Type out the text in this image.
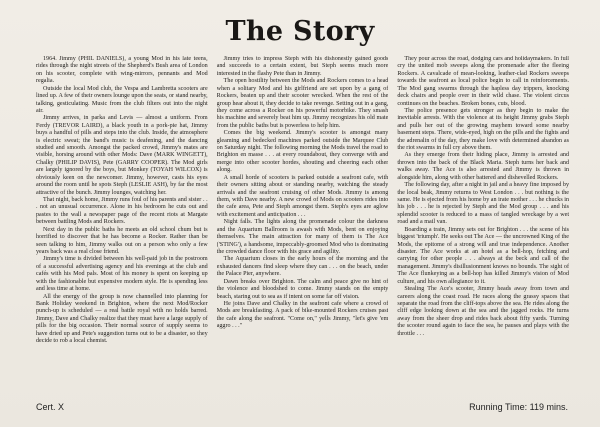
The Story

1964. Jimmy (PHIL DANIELS), a young Mod in his late teens, rides through the night streets of the Shepherd's Bush area of London on his scooter, complete with wing-mirrors, pennants and Mod regalia.

Outside the local Mod club, the Vespa and Lambretta scooters are lined up. A few of their owners lounge upon the seats, or stand nearby, talking, gesticulating. Music from the club filters out into the night air.

Jimmy arrives, in parka and Levis — almost a uniform. From Ferdy (TREVOR LAIRD), a black youth in a pork-pie hat, Jimmy buys a handful of pills and steps into the club. Inside, the atmosphere is electric sweat; the band's music is deafening, and the dancing studied and smooth. Amongst the packed crowd, Jimmy's mates are visible, horsing around with other Mods: Dave (MARK WINGETT), Chalky (PHILIP DAVIS), Pete (GARRY COOPER). The Mod girls are largely ignored by the boys, but Monkey (TOYAH WILCOX) is obviously keen on the newcomer. Jimmy, however, casts his eyes around the room until he spots Steph (LESLIE ASH), by far the most attractive of the bunch. Jimmy lounges, watching her.

That night, back home, Jimmy runs foul of his parents and sister . . . not an unusual occurrence. Alone in his bedroom he cuts out and pastes to the wall a newspaper page of the recent riots at Margate between battling Mods and Rockers.

Next day in the public baths he meets an old school chum but is horrified to discover that he has become a Rocker. Rather than be seen talking to him, Jimmy walks out on a person who only a few years back was a real close friend.

Jimmy's time is divided between his well-paid job in the postroom of a successful advertising agency and his evenings at the club and cafés with his Mod pals. Most of his money is spent on keeping up with the fashionable but expensive modern style. He is spending less and less time at home.

All the energy of the group is now channelled into planning for Bank Holiday weekend in Brighton, where the next Mod/Rocker punch-up is scheduled — a real battle royal with no holds barred. Jimmy, Dave and Chalky realize that they must have a large supply of pills for the big occasion. Their normal source of supply seems to have dried up and Pete's suggestion turns out to be a disaster, so they decide to rob a local chemist.

Jimmy tries to impress Steph with his dishonestly gained goods and succeeds to a certain extent, but Steph seems much more interested in the flashy Pete than in Jimmy.

The open hostility between the Mods and Rockers comes to a head when a solitary Mod and his girlfriend are set upon by a gang of Rockers, beaten up and their scooter wrecked. When the rest of the group hear about it, they decide to take revenge. Setting out in a gang, they come across a Rocker on his powerful motorbike. They smash his machine and severely beat him up. Jimmy recognizes his old mate from the public baths but is powerless to help him.

Comes the big weekend. Jimmy's scooter is amongst many gleaming and bedecked machines parked outside the Marquee Club on Saturday night. The following morning the Mods travel the road to Brighton en masse . . . at every roundabout, they converge with and merge into other scooter hordes, shouting and cheering each other along.

A small horde of scooters is parked outside a seafront cafe, with their owners sitting about or standing nearby, watching the steady arrivals and the seafront cruising of other Mods. Jimmy is among them, with Dave nearby. A new crowd of Mods on scooters rides into the cafe area, Pete and Steph amongst them. Steph's eyes are aglow with excitement and anticipation . . .

Night falls. The lights along the promenade colour the darkness and the Aquarium Ballroom is awash with Mods, bent on enjoying themselves. The main attraction for many of them is The Ace ('STING'), a handsome, impeccably-groomed Mod who is dominating the crowded dance floor with his grace and agility.

The Aquarium closes in the early hours of the morning and the exhausted dancers find sleep where they can . . . on the beach, under the Palace Pier, anywhere.

Dawn breaks over Brighton. The calm and peace give no hint of the violence and bloodshed to come. Jimmy stands on the empty beach, staring out to sea as if intent on some far off vision.

He joins Dave and Chalky in the seafront cafe where a crowd of Mods are breakfasting. A pack of bike-mounted Rockers cruises past the cafe along the seafront. "Come on," yells Jimmy, "let's give 'em aggro . . ."

They pour across the road, dodging cars and holidaymakers. In full cry the united mob sweeps along the promenade after the fleeing Rockers. A cavalcade of mean-looking, leather-clad Rockers sweeps towards the seafront as local police begin to call in reinforcements. The Mod gang swarms through the hapless day trippers, knocking deck chairs and people over in their wild chase. The violent circus continues on the beaches. Broken bones, cuts, blood.

The police presence gets stronger as they begin to make the inevitable arrests. With the violence at its height Jimmy grabs Steph and pulls her out of the growing mayhem toward some nearby basement steps. There, wide-eyed, high on the pills and the fights and the adrenalin of the day, they make love with determined abandon as the riot swarms in full cry above them.

As they emerge from their hiding place, Jimmy is arrested and thrown into the back of the Black Maria. Steph turns her back and walks away. The Ace is also arrested and Jimmy is thrown in alongside him, along with other battered and dishevelled Rockers.

The following day, after a night in jail and a heavy fine imposed by the local beak, Jimmy returns to West London . . . but nothing is the same. He is ejected from his home by an irate mother . . . he chucks in his job . . . he is rejected by Steph and the Mod group . . . and his splendid scooter is reduced to a mass of tangled wreckage by a wet road and a mail van.

Boarding a train, Jimmy sets out for Brighton . . . the scene of his biggest 'triumph'. He seeks out The Ace — the uncrowned King of the Mods, the epitome of a strong will and true independence. Another disaster. The Ace works at an hotel as a bell-hop, fetching and carrying for other people . . . always at the beck and call of the management. Jimmy's disillusionment knows no bounds. The sight of The Ace flunkeying as a bell-hop has killed Jimmy's vision of Mod culture, and his own allegiance to it.

Stealing The Ace's scooter, Jimmy heads away from town and careers along the coast road. He races along the grassy spaces that separate the road from the cliff-tops above the sea. He rides along the cliff edge looking down at the sea and the jagged rocks. He turns away from the sheer drop and rides back about fifty yards. Turning the scooter round again to face the sea, he pauses and plays with the throttle . . .

Cert. X	Running Time: 119 mins.
